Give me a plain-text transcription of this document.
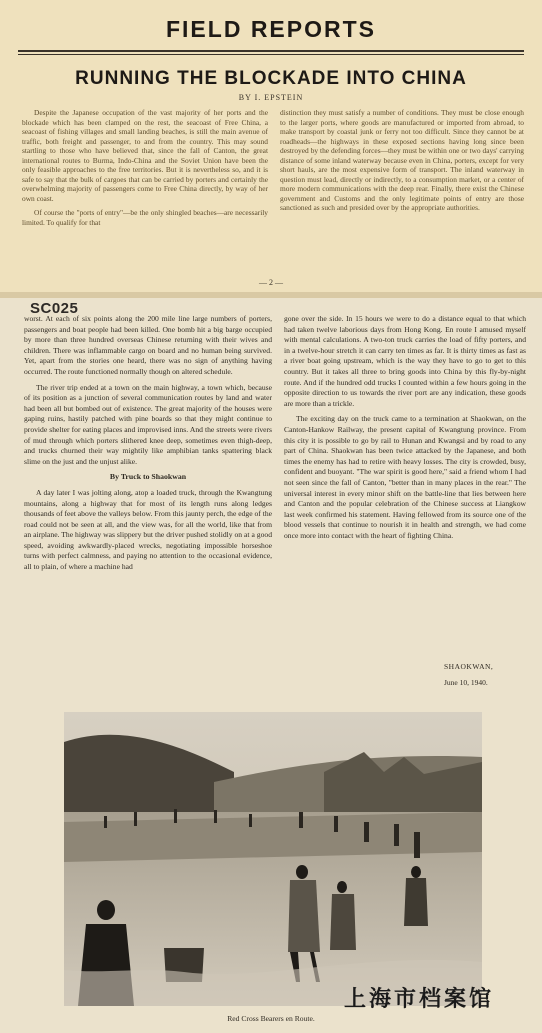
FIELD REPORTS
RUNNING THE BLOCKADE INTO CHINA
BY I. EPSTEIN

Despite the Japanese occupation of the vast majority of her ports and the blockade which has been clamped on the rest, the seacoast of Free China, a seacoast of fishing villages and small landing beaches, is still the main avenue of traffic, both freight and passenger, to and from the country. This may sound startling to those who have believed that, since the fall of Canton, the great international routes to Burma, Indo-China and the Soviet Union have been the only feasible approaches to the free territories. But it is nevertheless so, and it is safe to say that the bulk of cargoes that can be carried by porters and certainly the overwhelming majority of passengers come to Free China directly, by way of her own coast.

Of course the "ports of entry"—be the only shingled beaches—are necessarily limited. To qualify for that

distinction they must satisfy a number of conditions. They must be close enough to the larger ports, where goods are manufactured or imported from abroad, to make transport by coastal junk or ferry not too difficult. Since they cannot be at roadheads—the highways in these exposed sections having long since been destroyed by the defending forces—they must be within one or two days' carrying distance of some inland waterway because even in China, porters, except for very short hauls, are the most expensive form of transport. The inland waterway in question must lead, directly or indirectly, to a consumption market, or a center of more modern communications with the deep rear. Finally, there exist the Chinese government and Customs and the only legitimate points of entry are those sanctioned as such and presided over by the appropriate authorities.

— 2 —
SC025

worst. At each of six points along the 200 mile line large numbers of porters, passengers and boat people had been killed. One bomb hit a big barge occupied by more than three hundred overseas Chinese returning with their wives and children. There was inflammable cargo on board and no human being survived. Yet, apart from the stories one heard, there was no sign of anything having occurred. The route functioned normally though on altered schedule.

The river trip ended at a town on the main highway, a town which, because of its position as a junction of several communication routes by land and water had been all but bombed out of existence. The great majority of the houses were gaping ruins, hastily patched with pine boards so that they might continue to provide shelter for eating places and improvised inns. And the streets were rivers of mud through which porters slithered knee deep, sometimes even thigh-deep, and trucks churned their way mightily like amphibian tanks spattering black slime on the just and the unjust alike.

By Truck to Shaokwan

A day later I was jolting along, atop a loaded truck, through the Kwangtung mountains, along a highway that for most of its length runs along ledges thousands of feet above the valleys below. From this jaunty perch, the edge of the road could not be seen at all, and the view was, for all the world, like that from an airplane. The highway was slippery but the driver pushed stolidly on at a good speed, avoiding awkwardly-placed wrecks, negotiating impossible horseshoe turns with perfect calmness, and paying no attention to the occasional evidence, all to plain, of where a machine had

gone over the side. In 15 hours we were to do a distance equal to that which had taken twelve laborious days from Hong Kong. En route I amused myself with mental calculations. A two-ton truck carries the load of fifty porters, and in a twelve-hour stretch it can carry ten times as far. It is thirty times as fast as a river boat going upstream, which is the way they have to go to get to this country. But it takes all three to bring goods into China by this fly-by-night route. And if the hundred odd trucks I counted within a few hours going in the opposite direction to us towards the river port are any indication, these goods are more than a trickle.

The exciting day on the truck came to a termination at Shaokwan, on the Canton-Hankow Railway, the present capital of Kwangtung province. From this city it is possible to go by rail to Hunan and Kwangsi and by road to any part of China. Shaokwan has been twice attacked by the Japanese, and both times the enemy has had to retire with heavy losses. The city is crowded, busy, confident and buoyant. "The war spirit is good here," said a friend whom I had not seen since the fall of Canton, "better than in many places in the rear." The universal interest in every minor shift on the battle-line that lies between here and Canton and the popular celebration of the Chinese success at Liangkow last week confirmed his statement. Having fellowed from its source one of the blood vessels that continue to nourish it in health and strength, we had come once more into contact with the heart of fighting China.

SHAOKWAN,
June 10, 1940.
Red Cross Bearers en Route.
上海市档案馆
